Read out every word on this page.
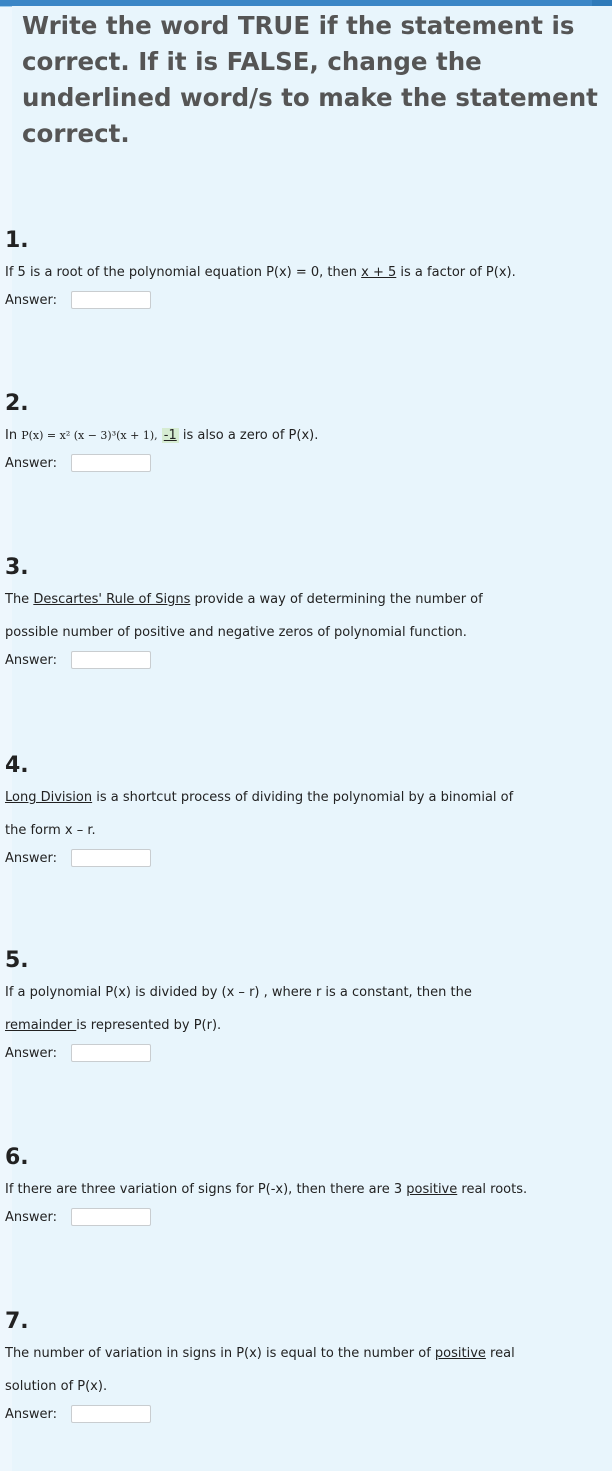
Write the word TRUE if the statement is correct. If it is FALSE, change the underlined word/s to make the statement correct.

1.

If 5 is a root of the polynomial equation P(x) = 0, then x + 5 is a factor of P(x).

Answer:

2.

In P(x) = x² (x − 3)³(x + 1), -1 is also a zero of P(x).

Answer:

3.

The Descartes' Rule of Signs provide a way of determining the number of

possible number of positive and negative zeros of polynomial function.

Answer:

4.

Long Division is a shortcut process of dividing the polynomial by a binomial of

the form x – r.

Answer:

5.

If a polynomial P(x) is divided by (x – r) , where r is a constant, then the

remainder is represented by P(r).

Answer:

6.

If there are three variation of signs for P(-x), then there are 3 positive real roots.

Answer:

7.

The number of variation in signs in P(x) is equal to the number of positive real

solution of P(x).

Answer:
